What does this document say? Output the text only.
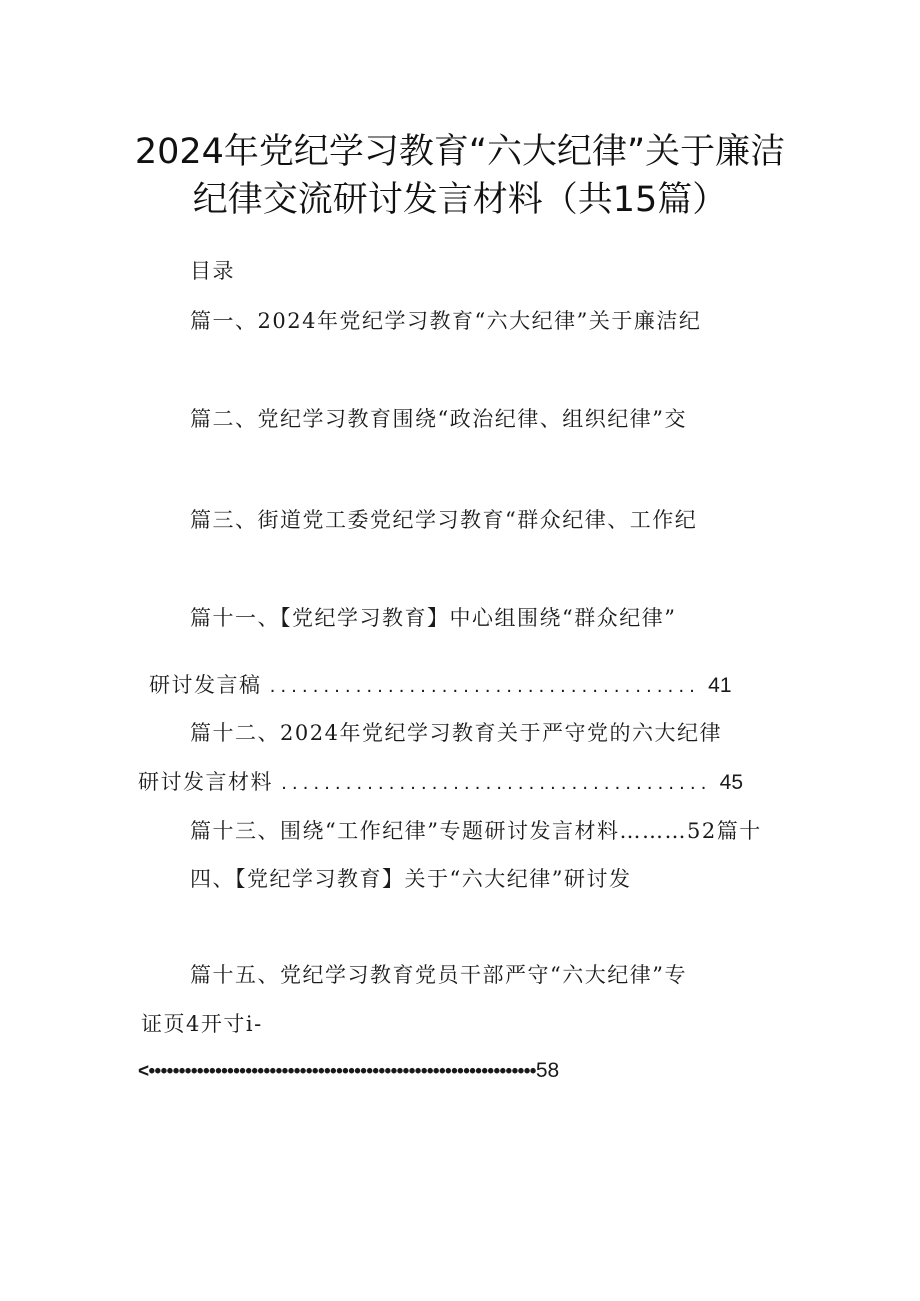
2024年党纪学习教育“六大纪律”关于廉洁
纪律交流研讨发言材料（共15篇）
目录
篇一、2024年党纪学习教育“六大纪律”关于廉洁纪
篇二、党纪学习教育围绕“政治纪律、组织纪律”交
篇三、街道党工委党纪学习教育“群众纪律、工作纪
篇十一、【党纪学习教育】中心组围绕“群众纪律”
研讨发言稿 ........................................ 41
篇十二、2024年党纪学习教育关于严守党的六大纪律
研讨发言材料 ........................................ 45
篇十三、围绕“工作纪律”专题研讨发言材料………52篇十
四、【党纪学习教育】关于“六大纪律”研讨发
篇十五、党纪学习教育党员干部严守“六大纪律”专
证页4开寸i-
<••••••••••••••••••••••••••••••••••••••••••••••••••••••••••••••••58
